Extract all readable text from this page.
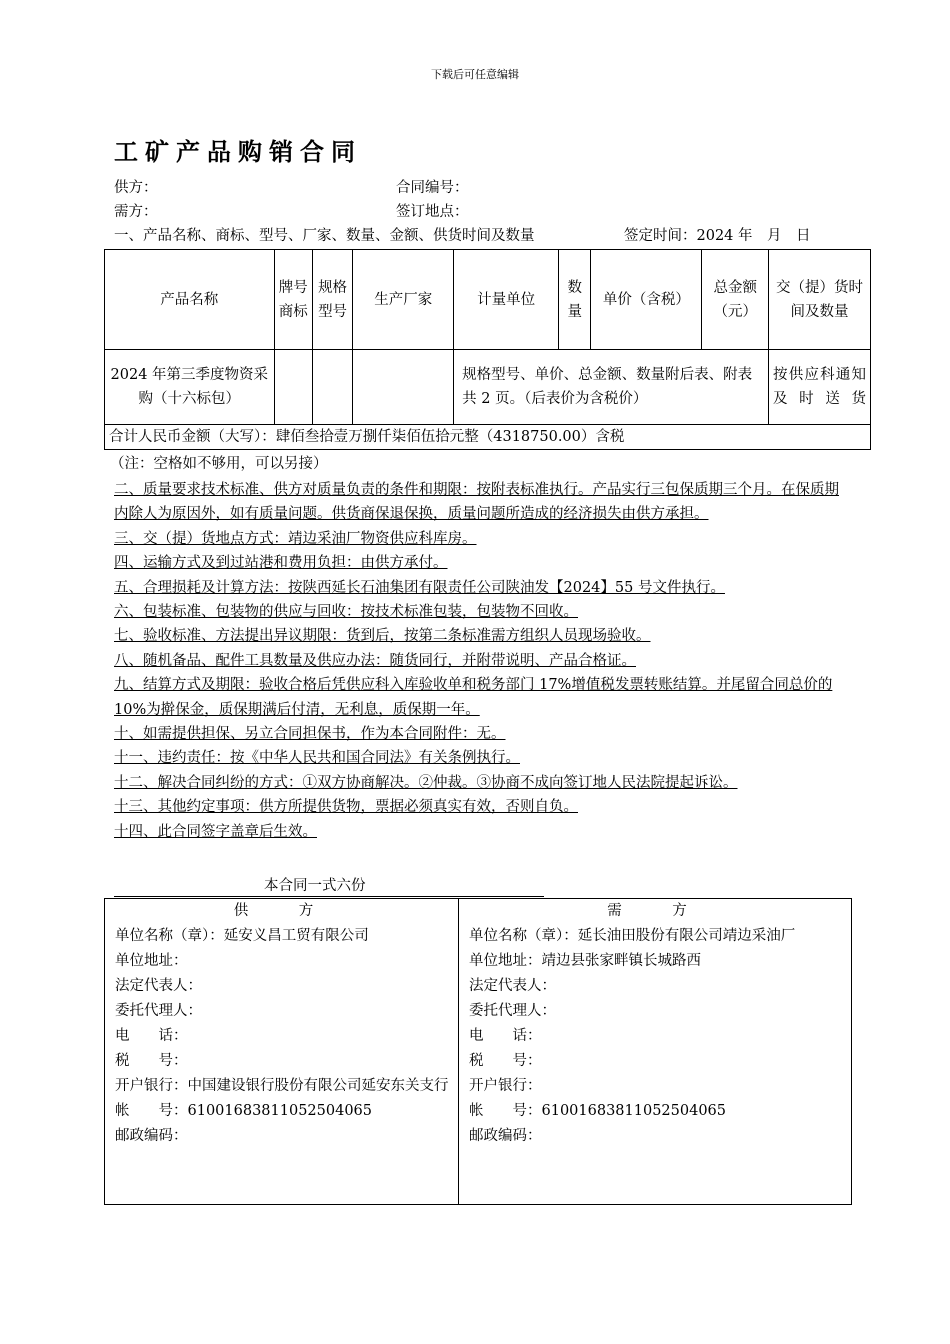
下载后可任意编辑
工矿产品购销合同
供方：	合同编号：
需方：	签订地点：
一、产品名称、商标、型号、厂家、数量、金额、供货时间及数量	签定时间：2024 年　月　日
产品名称	牌号商标	规格型号	生产厂家	计量单位	数量	单价（含税）	总金额（元）	交（提）货时间及数量
2024 年第三季度物资采购（十六标包）				规格型号、单价、总金额、数量附后表、附表共 2 页。（后表价为含税价）				按供应科通知及时送货
合计人民币金额（大写）：肆佰叁拾壹万捌仟柒佰伍拾元整（4318750.00）含税								
（注：空格如不够用，可以另接）

二、质量要求技术标准、供方对质量负责的条件和期限：按附表标准执行。产品实行三包保质期三个月。在保质期内除人为原因外，如有质量问题。供货商保退保换，质量问题所造成的经济损失由供方承担。

三、交（提）货地点方式：靖边采油厂物资供应科库房。

四、运输方式及到过站港和费用负担：由供方承付。

五、合理损耗及计算方法：按陕西延长石油集团有限责任公司陕油发【2024】55 号文件执行。

六、包装标准、包装物的供应与回收：按技术标准包装，包装物不回收。

七、验收标准、方法提出异议期限：货到后，按第二条标准需方组织人员现场验收。

八、随机备品、配件工具数量及供应办法：随货同行，并附带说明、产品合格证。

九、结算方式及期限：验收合格后凭供应科入库验收单和税务部门 17%增值税发票转账结算。并尾留合同总价的 10%为擀保金，质保期满后付清，无利息，质保期一年。

十、如需提供担保、另立合同担保书，作为本合同附件：无。

十一、违约责任：按《中华人民共和国合同法》有关条例执行。

十二、解决合同纠纷的方式：①双方协商解决。②仲裁。③协商不成向签订地人民法院提起诉讼。

十三、其他约定事项：供方所提供货物，票据必须真实有效，否则自负。

十四、此合同签字盖章后生效。

本合同一式六份
供　方
单位名称（章）：延安义昌工贸有限公司
单位地址：
法定代表人：
委托代理人：
电　　话：
税　　号：
开户银行：中国建设银行股份有限公司延安东关支行
帐　　号：61001683811052504065
邮政编码：

需　方
单位名称（章）：延长油田股份有限公司靖边采油厂
单位地址：靖边县张家畔镇长城路西
法定代表人：
委托代理人：
电　　话：
税　　号：
开户银行：
帐　　号：61001683811052504065
邮政编码：
